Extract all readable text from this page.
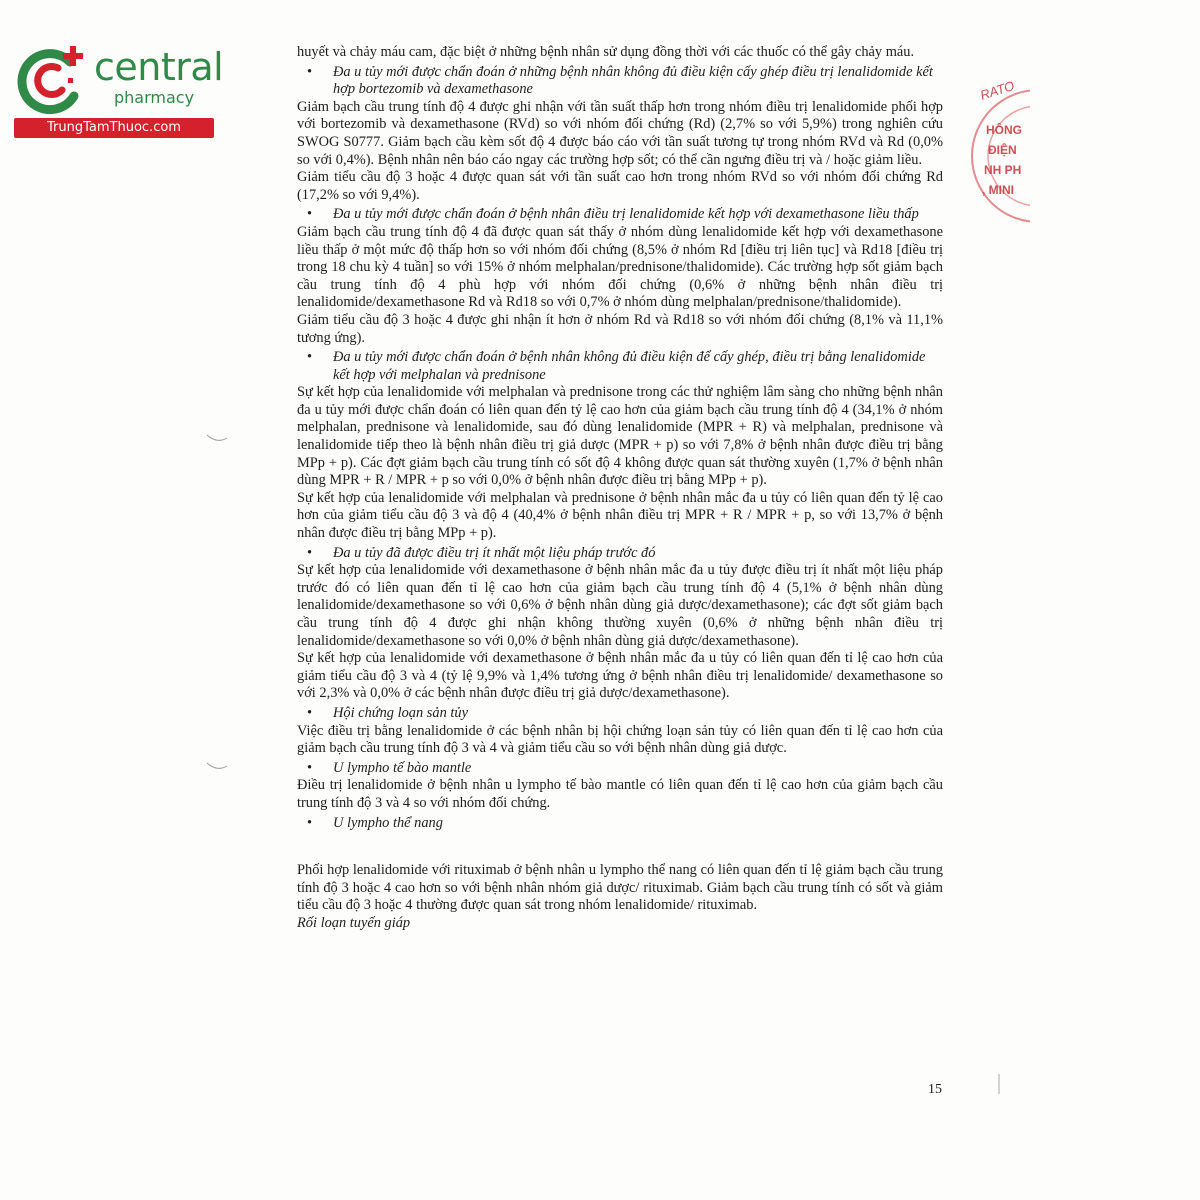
central
pharmacy
TrungTamThuoc.com
RATO
HÔNG
ĐIỆN
NH PH
, MINI

huyết và chảy máu cam, đặc biệt ở những bệnh nhân sử dụng đồng thời với các thuốc có thể gây chảy máu.

• Đa u tủy mới được chẩn đoán ở những bệnh nhân không đủ điều kiện cấy ghép điều trị lenalidomide kết hợp bortezomib và dexamethasone

Giảm bạch cầu trung tính độ 4 được ghi nhận với tần suất thấp hơn trong nhóm điều trị lenalidomide phối hợp với bortezomib và dexamethasone (RVd) so với nhóm đối chứng (Rd) (2,7% so với 5,9%) trong nghiên cứu SWOG S0777. Giảm bạch cầu kèm sốt độ 4 được báo cáo với tần suất tương tự trong nhóm RVd và Rd (0,0% so với 0,4%). Bệnh nhân nên báo cáo ngay các trường hợp sốt; có thể cần ngưng điều trị và / hoặc giảm liều.

Giảm tiểu cầu độ 3 hoặc 4 được quan sát với tần suất cao hơn trong nhóm RVd so với nhóm đối chứng Rd (17,2% so với 9,4%).

• Đa u tủy mới được chẩn đoán ở bệnh nhân điều trị lenalidomide kết hợp với dexamethasone liều thấp

Giảm bạch cầu trung tính độ 4 đã được quan sát thấy ở nhóm dùng lenalidomide kết hợp với dexamethasone liều thấp ở một mức độ thấp hơn so với nhóm đối chứng (8,5% ở nhóm Rd [điều trị liên tục] và Rd18 [điều trị trong 18 chu kỳ 4 tuần] so với 15% ở nhóm melphalan/prednisone/thalidomide). Các trường hợp sốt giảm bạch cầu trung tính độ 4 phù hợp với nhóm đối chứng (0,6% ở những bệnh nhân điều trị lenalidomide/dexamethasone Rd và Rd18 so với 0,7% ở nhóm dùng melphalan/prednisone/thalidomide).

Giảm tiểu cầu độ 3 hoặc 4 được ghi nhận ít hơn ở nhóm Rd và Rd18 so với nhóm đối chứng (8,1% và 11,1% tương ứng).

• Đa u tủy mới được chẩn đoán ở bệnh nhân không đủ điều kiện để cấy ghép, điều trị bằng lenalidomide kết hợp với melphalan và prednisone

Sự kết hợp của lenalidomide với melphalan và prednisone trong các thử nghiệm lâm sàng cho những bệnh nhân đa u tủy mới được chẩn đoán có liên quan đến tỷ lệ cao hơn của giảm bạch cầu trung tính độ 4 (34,1% ở nhóm melphalan, prednisone và lenalidomide, sau đó dùng lenalidomide (MPR + R) và melphalan, prednisone và lenalidomide tiếp theo là bệnh nhân điều trị giả dược (MPR + p) so với 7,8% ở bệnh nhân được điều trị bằng MPp + p). Các đợt giảm bạch cầu trung tính có sốt độ 4 không được quan sát thường xuyên (1,7% ở bệnh nhân dùng MPR + R / MPR + p so với 0,0% ở bệnh nhân được điều trị bằng MPp + p).

Sự kết hợp của lenalidomide với melphalan và prednisone ở bệnh nhân mắc đa u tủy có liên quan đến tỷ lệ cao hơn của giảm tiểu cầu độ 3 và độ 4 (40,4% ở bệnh nhân điều trị MPR + R / MPR + p, so với 13,7% ở bệnh nhân được điều trị bằng MPp + p).

• Đa u tủy đã được điều trị ít nhất một liệu pháp trước đó

Sự kết hợp của lenalidomide với dexamethasone ở bệnh nhân mắc đa u tủy được điều trị ít nhất một liệu pháp trước đó có liên quan đến tỉ lệ cao hơn của giảm bạch cầu trung tính độ 4 (5,1% ở bệnh nhân dùng lenalidomide/dexamethasone so với 0,6% ở bệnh nhân dùng giả dược/dexamethasone); các đợt sốt giảm bạch cầu trung tính độ 4 được ghi nhận không thường xuyên (0,6% ở những bệnh nhân điều trị lenalidomide/dexamethasone so với 0,0% ở bệnh nhân dùng giả dược/dexamethasone).

Sự kết hợp của lenalidomide với dexamethasone ở bệnh nhân mắc đa u tủy có liên quan đến tỉ lệ cao hơn của giảm tiểu cầu độ 3 và 4 (tỷ lệ 9,9% và 1,4% tương ứng ở bệnh nhân điều trị lenalidomide/ dexamethasone so với 2,3% và 0,0% ở các bệnh nhân được điều trị giả dược/dexamethasone).

• Hội chứng loạn sản tủy

Việc điều trị bằng lenalidomide ở các bệnh nhân bị hội chứng loạn sản tủy có liên quan đến tỉ lệ cao hơn của giảm bạch cầu trung tính độ 3 và 4 và giảm tiểu cầu so với bệnh nhân dùng giả dược.

• U lympho tế bào mantle

Điều trị lenalidomide ở bệnh nhân u lympho tế bào mantle có liên quan đến tỉ lệ cao hơn của giảm bạch cầu trung tính độ 3 và 4 so với nhóm đối chứng.

• U lympho thể nang

Phối hợp lenalidomide với rituximab ở bệnh nhân u lympho thể nang có liên quan đến tỉ lệ giảm bạch cầu trung tính độ 3 hoặc 4 cao hơn so với bệnh nhân nhóm giả dược/ rituximab. Giảm bạch cầu trung tính có sốt và giảm tiểu cầu độ 3 hoặc 4 thường được quan sát trong nhóm lenalidomide/ rituximab.

Rối loạn tuyến giáp
15
